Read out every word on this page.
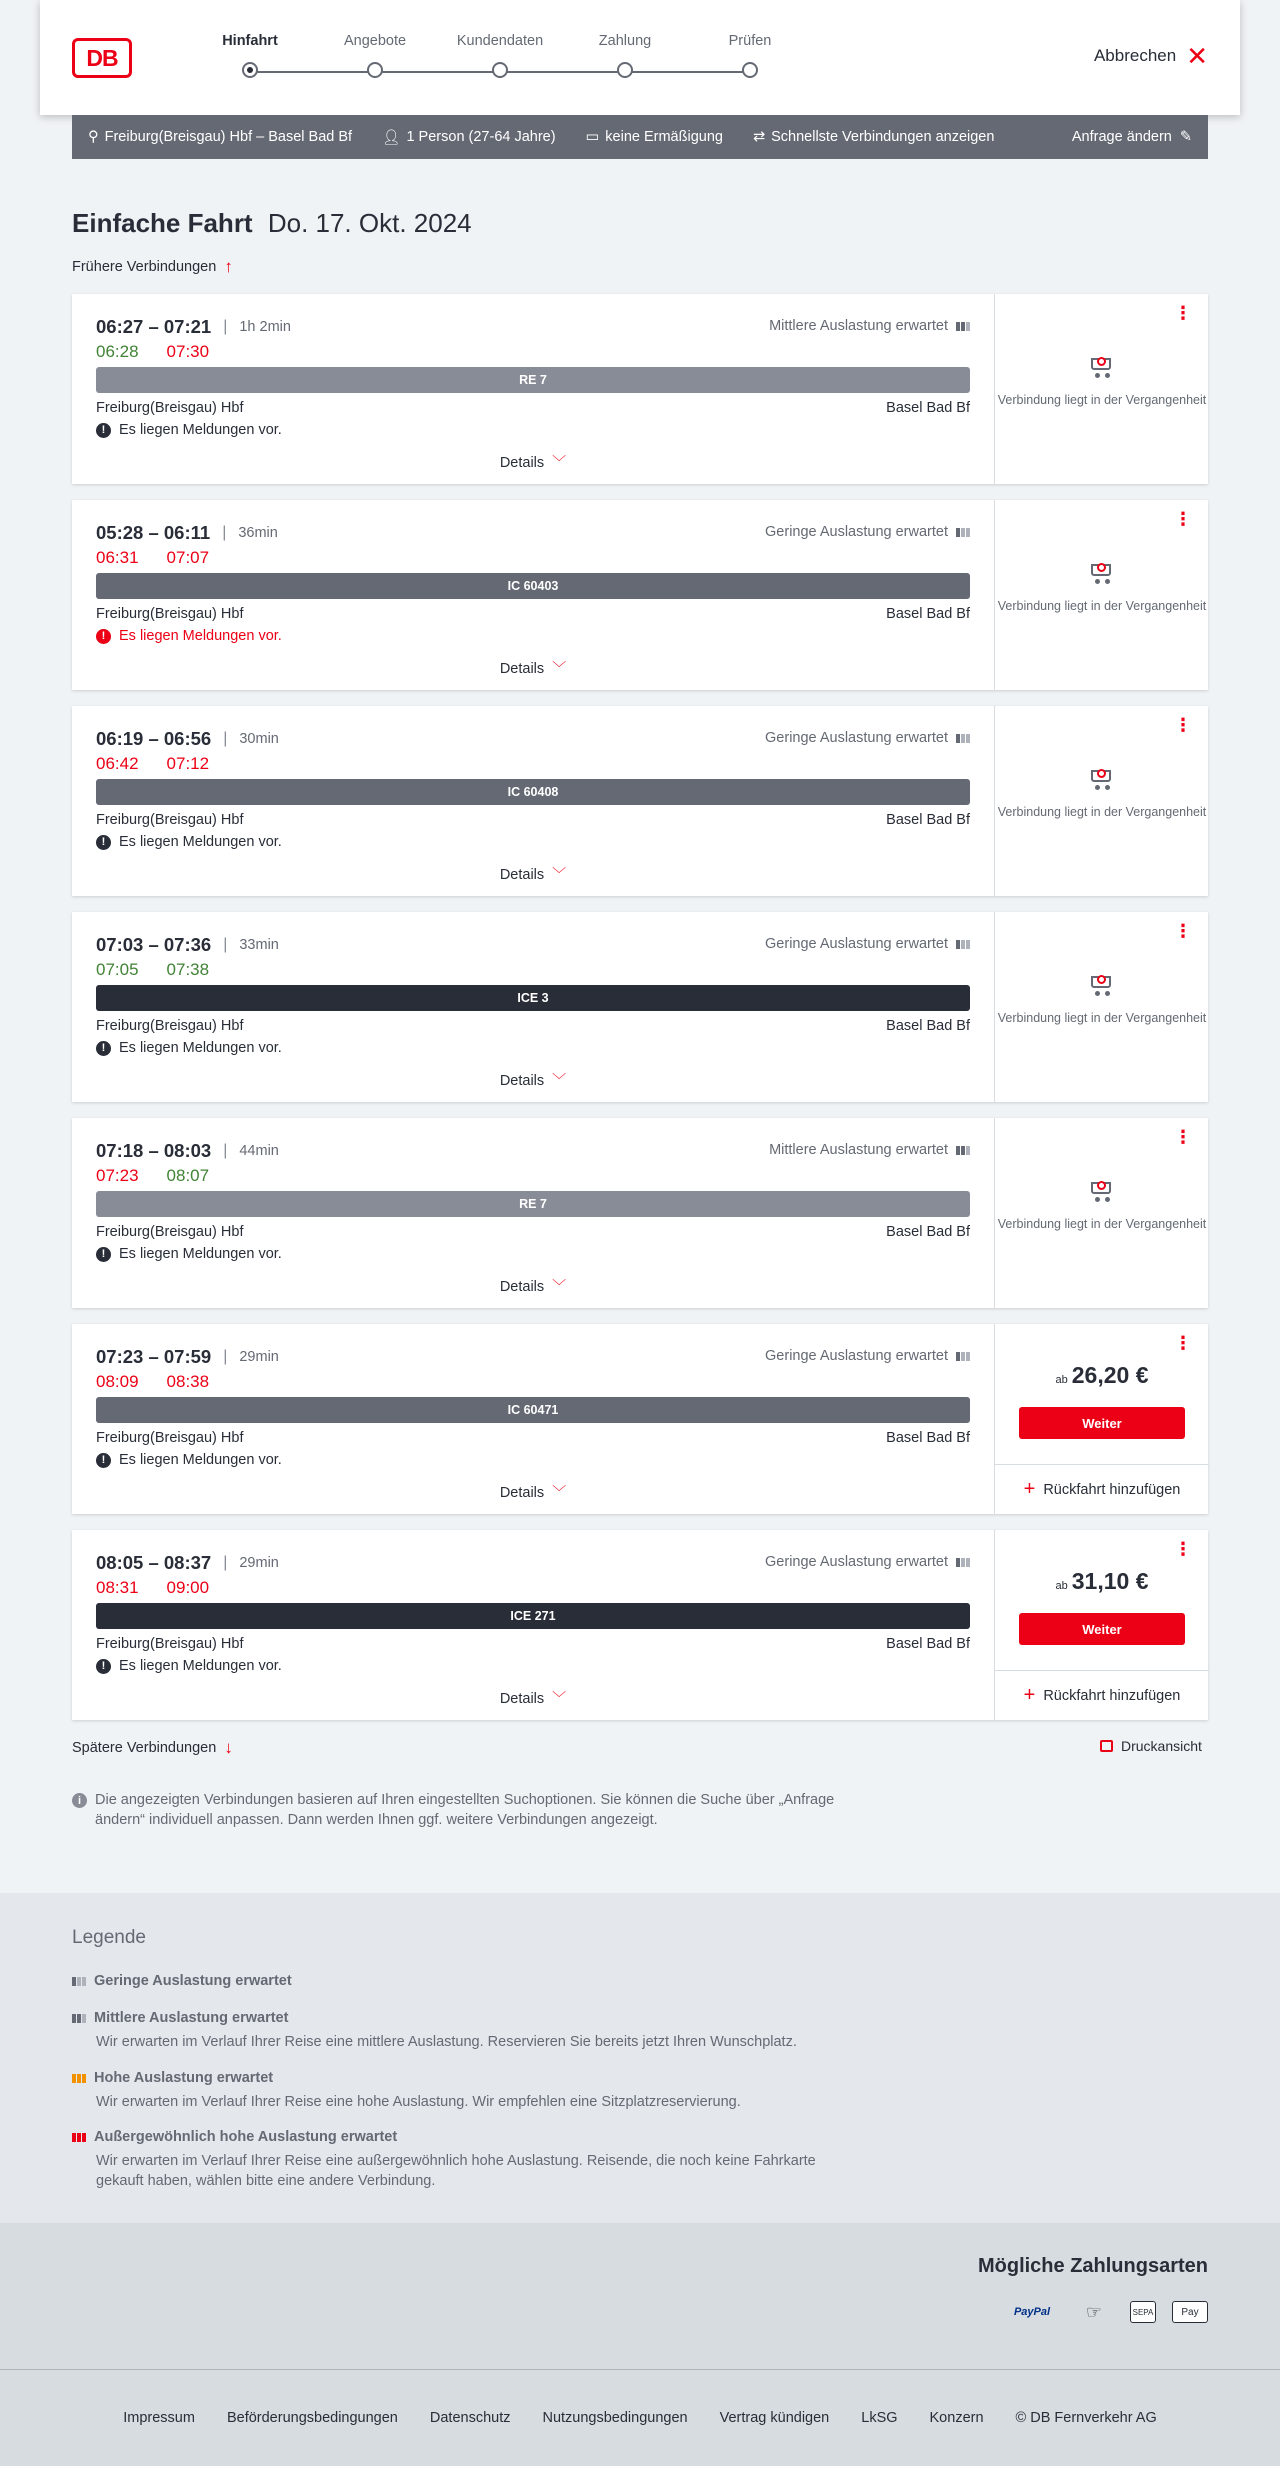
DB
Hinfahrt	Angebote	Kundendaten	Zahlung	Prüfen
Abbrechen ✕
⚲ Freiburg(Breisgau) Hbf – Basel Bad Bf 👤︎ 1 Person (27-64 Jahre) ▭ keine Ermäßigung ⇄ Schnellste Verbindungen anzeigen	Anfrage ändern ✎
Einfache Fahrt Do. 17. Okt. 2024
Frühere Verbindungen ↑
06:27 – 07:21 | 1h 2min
06:28 07:30
Mittlere Auslastung erwartet
RE 7
Freiburg(Breisgau) Hbf	Basel Bad Bf
! Es liegen Meldungen vor.
Details ﹀
⋮
Verbindung liegt in der Vergangenheit
05:28 – 06:11 | 36min
06:31 07:07
Geringe Auslastung erwartet
IC 60403
Freiburg(Breisgau) Hbf	Basel Bad Bf
! Es liegen Meldungen vor.
Details ﹀
⋮
Verbindung liegt in der Vergangenheit
06:19 – 06:56 | 30min
06:42 07:12
Geringe Auslastung erwartet
IC 60408
Freiburg(Breisgau) Hbf	Basel Bad Bf
! Es liegen Meldungen vor.
Details ﹀
⋮
Verbindung liegt in der Vergangenheit
07:03 – 07:36 | 33min
07:05 07:38
Geringe Auslastung erwartet
ICE 3
Freiburg(Breisgau) Hbf	Basel Bad Bf
! Es liegen Meldungen vor.
Details ﹀
⋮
Verbindung liegt in der Vergangenheit
07:18 – 08:03 | 44min
07:23 08:07
Mittlere Auslastung erwartet
RE 7
Freiburg(Breisgau) Hbf	Basel Bad Bf
! Es liegen Meldungen vor.
Details ﹀
⋮
Verbindung liegt in der Vergangenheit
07:23 – 07:59 | 29min
08:09 08:38
Geringe Auslastung erwartet
IC 60471
Freiburg(Breisgau) Hbf	Basel Bad Bf
! Es liegen Meldungen vor.
Details ﹀
⋮
ab 26,20 €
Weiter
+ Rückfahrt hinzufügen
08:05 – 08:37 | 29min
08:31 09:00
Geringe Auslastung erwartet
ICE 271
Freiburg(Breisgau) Hbf	Basel Bad Bf
! Es liegen Meldungen vor.
Details ﹀
⋮
ab 31,10 €
Weiter
+ Rückfahrt hinzufügen
Spätere Verbindungen ↓	Druckansicht
i Die angezeigten Verbindungen basieren auf Ihren eingestellten Suchoptionen. Sie können die Suche über „Anfrage ändern“ individuell anpassen. Dann werden Ihnen ggf. weitere Verbindungen angezeigt.
Legende
Geringe Auslastung erwartet
Mittlere Auslastung erwartet
Wir erwarten im Verlauf Ihrer Reise eine mittlere Auslastung. Reservieren Sie bereits jetzt Ihren Wunschplatz.
Hohe Auslastung erwartet
Wir erwarten im Verlauf Ihrer Reise eine hohe Auslastung. Wir empfehlen eine Sitzplatzreservierung.
Außergewöhnlich hohe Auslastung erwartet
Wir erwarten im Verlauf Ihrer Reise eine außergewöhnlich hohe Auslastung. Reisende, die noch keine Fahrkarte gekauft haben, wählen bitte eine andere Verbindung.
Mögliche Zahlungsarten
PayPal	☞	SEPA	Pay
Impressum Beförderungsbedingungen Datenschutz Nutzungsbedingungen Vertrag kündigen LkSG Konzern © DB Fernverkehr AG
